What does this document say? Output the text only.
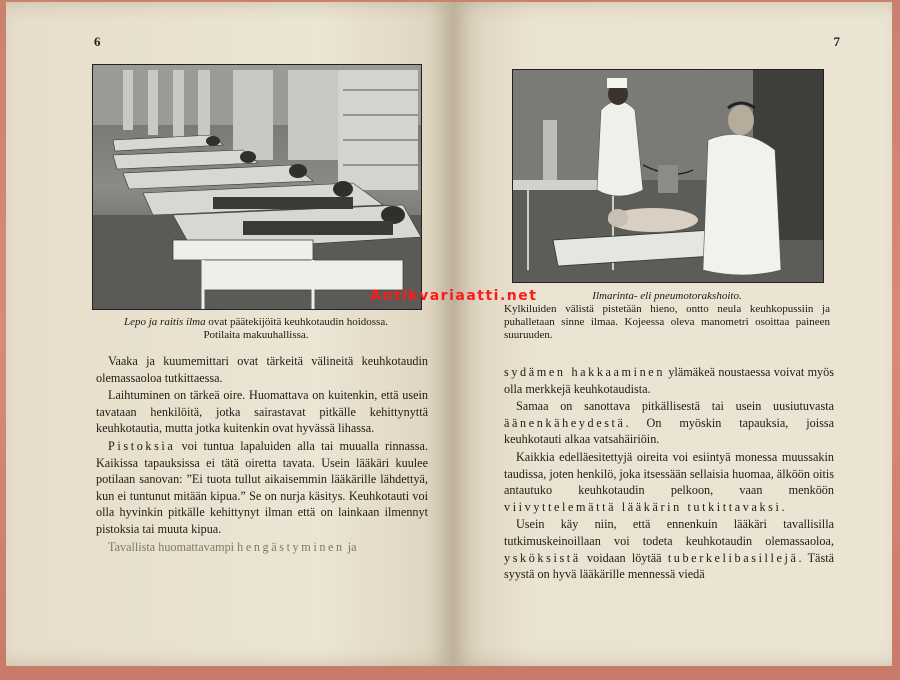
6
Lepo ja raitis ilma ovat päätekijöitä keuhkotaudin hoidossa.
Potilaita makuuhallissa.

Vaaka ja kuumemittari ovat tärkeitä välineitä keuhkotaudin olemassaoloa tutkittaessa.

Laihtuminen on tärkeä oire. Huomattava on kuitenkin, että usein tavataan henkilöitä, jotka sairastavat pitkälle kehittynyttä keuhkotautia, mutta jotka kuitenkin ovat hyvässä lihassa.

Pistoksia voi tuntua lapaluiden alla tai muualla rinnassa. Kaikissa tapauksissa ei tätä oiretta tavata. Usein lääkäri kuulee potilaan sanovan: ”Ei tuota tullut aikaisemmin lääkärille lähdettyä, kun ei tuntunut mitään kipua.” Se on nurja käsitys. Keuhkotauti voi olla hyvinkin pitkälle kehittynyt ilman että on lainkaan ilmennyt pistoksia tai muuta kipua.

Tavallista huomattavampi hengästyminen ja

7
Ilmarinta- eli pneumotorakshoito.
Kylkiluiden välistä pistetään hieno, ontto neula keuhkopussiin ja puhalletaan sinne ilmaa. Kojeessa oleva manometri osoittaa paineen suuruuden.

sydämen hakkaaminen ylämäkeä noustaessa voivat myös olla merkkejä keuhkotaudista.

Samaa on sanottava pitkällisestä tai usein uusiutuvasta äänenkäheydestä. On myöskin tapauksia, joissa keuhkotauti alkaa vatsahäiriöin.

Kaikkia edelläesitettyjä oireita voi esiintyä monessa muussakin taudissa, joten henkilö, joka itsessään sellaisia huomaa, älköön oitis antautuko keuhkotaudin pelkoon, vaan menköön viivyttelemättä lääkärin tutkittavaksi.

Usein käy niin, että ennenkuin lääkäri tavallisilla tutkimuskeinoillaan voi todeta keuhkotaudin olemassaoloa, ysköksistä voidaan löytää tuberkelibasillejä. Tästä syystä on hyvä lääkärille mennessä viedä

Antikvariaatti.net
